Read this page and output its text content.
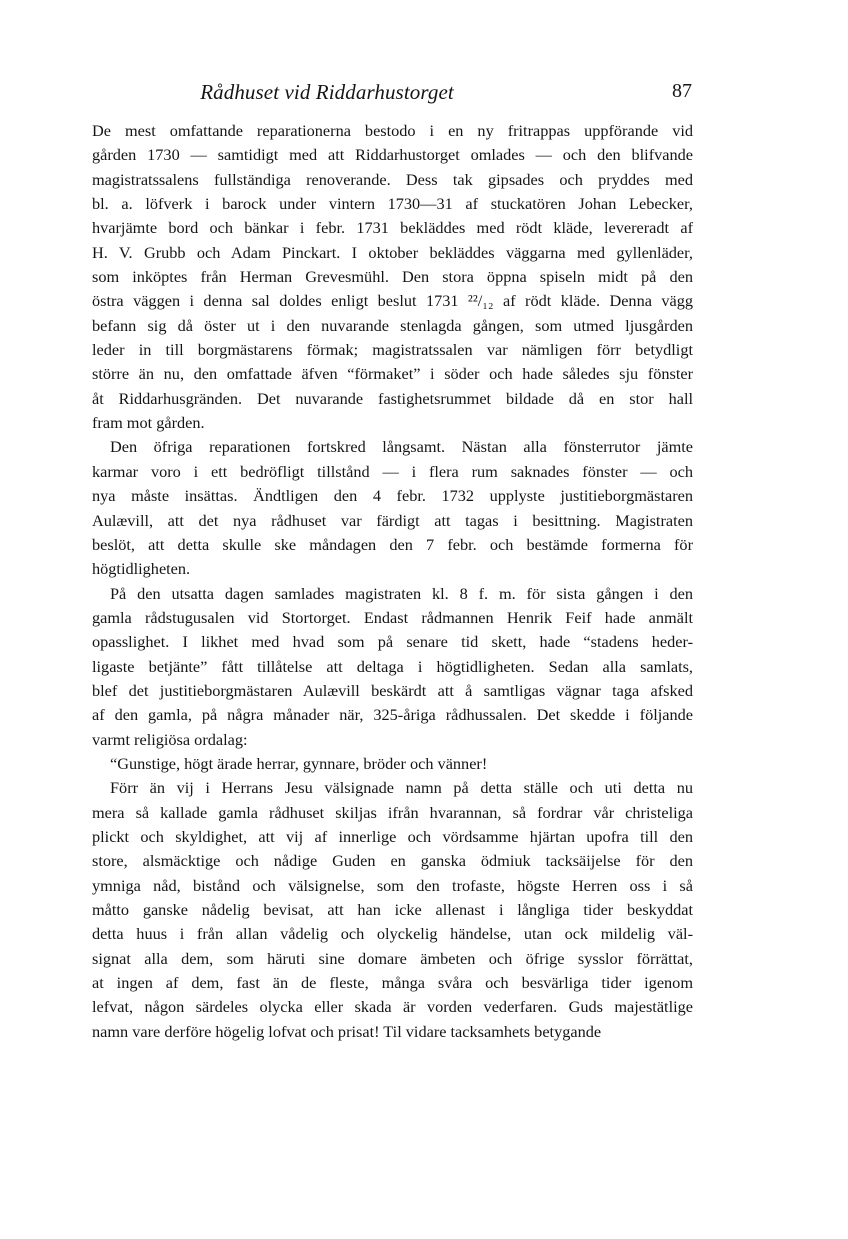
Rådhuset vid Riddarhustorget	87
De mest omfattande reparationerna bestodo i en ny fritrappas uppförande vid
gården 1730 — samtidigt med att Riddarhustorget omlades — och den blifvande
magistratssalens fullständiga renoverande. Dess tak gipsades och pryddes med
bl. a. löfverk i barock under vintern 1730—31 af stuckatören Johan Lebecker,
hvarjämte bord och bänkar i febr. 1731 bekläddes med rödt kläde, levereradt af
H. V. Grubb och Adam Pinckart. I oktober bekläddes väggarna med gyllenläder,
som inköptes från Herman Grevesmühl. Den stora öppna spiseln midt på den
östra väggen i denna sal doldes enligt beslut 1731 ²²/₁₂ af rödt kläde. Denna vägg
befann sig då öster ut i den nuvarande stenlagda gången, som utmed ljusgården
leder in till borgmästarens förmak; magistratssalen var nämligen förr betydligt
större än nu, den omfattade äfven “förmaket” i söder och hade således sju fönster
åt Riddarhusgränden. Det nuvarande fastighetsrummet bildade då en stor hall
fram mot gården.
Den öfriga reparationen fortskred långsamt. Nästan alla fönsterrutor jämte
karmar voro i ett bedröfligt tillstånd — i flera rum saknades fönster — och
nya måste insättas. Ändtligen den 4 febr. 1732 upplyste justitieborgmästaren
Aulævill, att det nya rådhuset var färdigt att tagas i besittning. Magistraten
beslöt, att detta skulle ske måndagen den 7 febr. och bestämde formerna för
högtidligheten.
På den utsatta dagen samlades magistraten kl. 8 f. m. för sista gången i den
gamla rådstugusalen vid Stortorget. Endast rådmannen Henrik Feif hade anmält
opasslighet. I likhet med hvad som på senare tid skett, hade “stadens heder-
ligaste betjänte” fått tillåtelse att deltaga i högtidligheten. Sedan alla samlats,
blef det justitieborgmästaren Aulævill beskärdt att å samtligas vägnar taga afsked
af den gamla, på några månader när, 325-åriga rådhussalen. Det skedde i följande
varmt religiösa ordalag:
“Gunstige, högt ärade herrar, gynnare, bröder och vänner!
Förr än vij i Herrans Jesu välsignade namn på detta ställe och uti detta nu
mera så kallade gamla rådhuset skiljas ifrån hvarannan, så fordrar vår christeliga
plickt och skyldighet, att vij af innerlige och vördsamme hjärtan upofra till den
store, alsmäcktige och nådige Guden en ganska ödmiuk tacksäijelse för den
ymniga nåd, bistånd och välsignelse, som den trofaste, högste Herren oss i så
måtto ganske nådelig bevisat, att han icke allenast i långliga tider beskyddat
detta huus i från allan vådelig och olyckelig händelse, utan ock mildelig väl-
signat alla dem, som häruti sine domare ämbeten och öfrige sysslor förrättat,
at ingen af dem, fast än de fleste, många svåra och besvärliga tider igenom
lefvat, någon särdeles olycka eller skada är vorden vederfaren. Guds majestätlige
namn vare derföre högelig lofvat och prisat! Til vidare tacksamhets betygande
